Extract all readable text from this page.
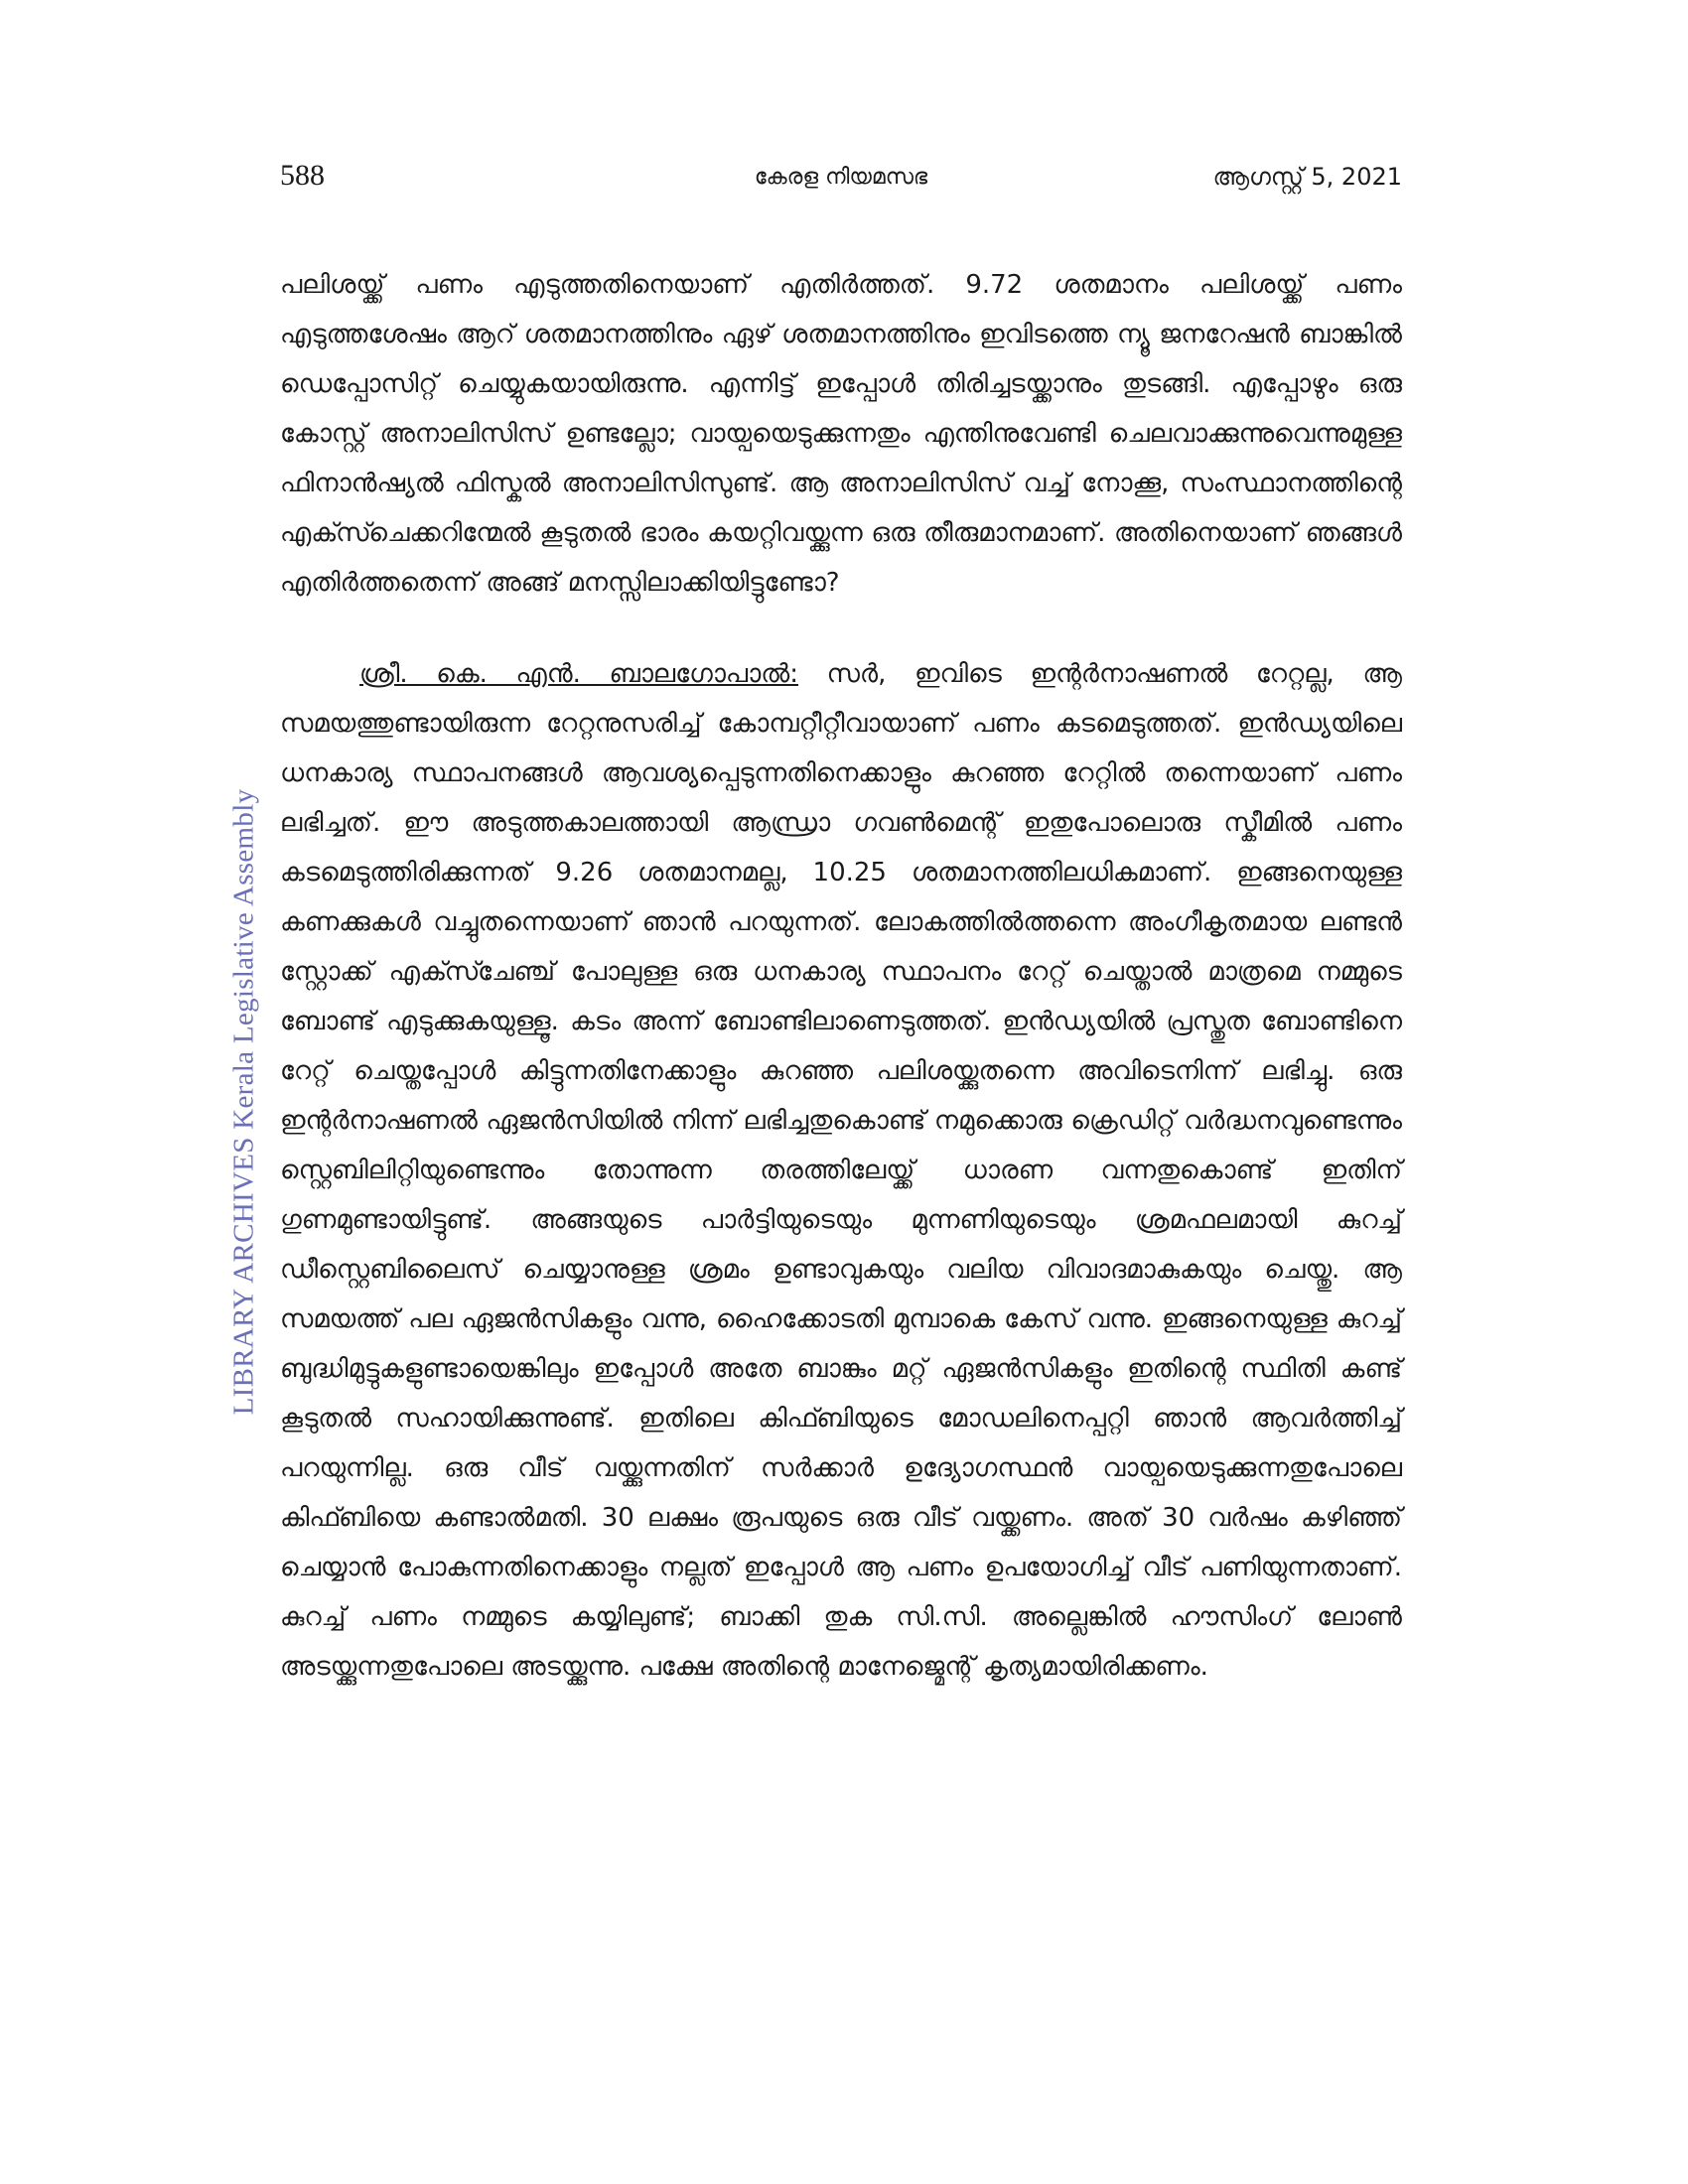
588	കേരള നിയമസഭ	ആഗസ്റ്റ് 5, 2021
LIBRARY ARCHIVES Kerala Legislative Assembly

പലിശയ്ക്ക് പണം എടുത്തതിനെയാണ് എതിർത്തത്. 9.72 ശതമാനം പലിശയ്ക്ക് പണം എടുത്തശേഷം ആറ് ശതമാനത്തിനും ഏഴ് ശതമാനത്തിനും ഇവിടത്തെ ന്യൂ ജനറേഷൻ ബാങ്കിൽ ഡെപ്പോസിറ്റ് ചെയ്യുകയായിരുന്നു. എന്നിട്ട് ഇപ്പോൾ തിരിച്ചടയ്ക്കാനും തുടങ്ങി. എപ്പോഴും ഒരു കോസ്റ്റ് അനാലിസിസ് ഉണ്ടല്ലോ; വായ്പയെടുക്കുന്നതും എന്തിനുവേണ്ടി ചെലവാക്കുന്നുവെന്നുമുള്ള ഫിനാൻഷ്യൽ ഫിസ്കൽ അനാലിസിസുണ്ട്. ആ അനാലിസിസ് വച്ച് നോക്കൂ, സംസ്ഥാനത്തിന്റെ എക്സ്ചെക്കറിന്മേൽ കൂടുതൽ ഭാരം കയറ്റിവയ്ക്കുന്ന ഒരു തീരുമാനമാണ്. അതിനെയാണ് ഞങ്ങൾ എതിർത്തതെന്ന് അങ്ങ് മനസ്സിലാക്കിയിട്ടുണ്ടോ?

ശ്രീ. കെ. എൻ. ബാലഗോപാൽ: സർ, ഇവിടെ ഇന്റർനാഷണൽ റേറ്റല്ല, ആ സമയത്തുണ്ടായിരുന്ന റേറ്റനുസരിച്ച് കോമ്പറ്റീറ്റീവായാണ് പണം കടമെടുത്തത്. ഇൻഡ്യയിലെ ധനകാര്യ സ്ഥാപനങ്ങൾ ആവശ്യപ്പെടുന്നതിനെക്കാളും കുറഞ്ഞ റേറ്റിൽ തന്നെയാണ് പണം ലഭിച്ചത്. ഈ അടുത്തകാലത്തായി ആന്ധ്രാ ഗവൺമെന്റ് ഇതുപോലൊരു സ്കീമിൽ പണം കടമെടുത്തിരിക്കുന്നത് 9.26 ശതമാനമല്ല, 10.25 ശതമാനത്തിലധികമാണ്. ഇങ്ങനെയുള്ള കണക്കുകൾ വച്ചുതന്നെയാണ് ഞാൻ പറയുന്നത്. ലോകത്തിൽത്തന്നെ അംഗീകൃതമായ ലണ്ടൻ സ്റ്റോക്ക് എക്സ്ചേഞ്ച് പോലുള്ള ഒരു ധനകാര്യ സ്ഥാപനം റേറ്റ് ചെയ്താൽ മാത്രമെ നമ്മുടെ ബോണ്ട് എടുക്കുകയുള്ളൂ. കടം അന്ന് ബോണ്ടിലാണെടുത്തത്. ഇൻഡ്യയിൽ പ്രസ്തുത ബോണ്ടിനെ റേറ്റ് ചെയ്തപ്പോൾ കിട്ടുന്നതിനേക്കാളും കുറഞ്ഞ പലിശയ്ക്കുതന്നെ അവിടെനിന്ന് ലഭിച്ചു. ഒരു ഇന്റർനാഷണൽ ഏജൻസിയിൽ നിന്ന് ലഭിച്ചതുകൊണ്ട് നമുക്കൊരു ക്രെഡിറ്റ് വർദ്ധനവുണ്ടെന്നും സ്റ്റെബിലിറ്റിയുണ്ടെന്നും തോന്നുന്ന തരത്തിലേയ്ക്ക് ധാരണ വന്നതുകൊണ്ട് ഇതിന് ഗുണമുണ്ടായിട്ടുണ്ട്. അങ്ങയുടെ പാർട്ടിയുടെയും മുന്നണിയുടെയും ശ്രമഫലമായി കുറച്ച് ഡീസ്റ്റെബിലൈസ് ചെയ്യാനുള്ള ശ്രമം ഉണ്ടാവുകയും വലിയ വിവാദമാകുകയും ചെയ്തു. ആ സമയത്ത് പല ഏജൻസികളും വന്നു, ഹൈക്കോടതി മുമ്പാകെ കേസ് വന്നു. ഇങ്ങനെയുള്ള കുറച്ച് ബുദ്ധിമുട്ടുകളുണ്ടായെങ്കിലും ഇപ്പോൾ അതേ ബാങ്കും മറ്റ് ഏജൻസികളും ഇതിന്റെ സ്ഥിതി കണ്ട് കൂടുതൽ സഹായിക്കുന്നുണ്ട്. ഇതിലെ കിഫ്ബിയുടെ മോഡലിനെപ്പറ്റി ഞാൻ ആവർത്തിച്ച് പറയുന്നില്ല. ഒരു വീട് വയ്ക്കുന്നതിന് സർക്കാർ ഉദ്യോഗസ്ഥൻ വായ്പയെടുക്കുന്നതുപോലെ കിഫ്ബിയെ കണ്ടാൽമതി. 30 ലക്ഷം രൂപയുടെ ഒരു വീട് വയ്ക്കണം. അത് 30 വർഷം കഴിഞ്ഞ് ചെയ്യാൻ പോകുന്നതിനെക്കാളും നല്ലത് ഇപ്പോൾ ആ പണം ഉപയോഗിച്ച് വീട് പണിയുന്നതാണ്. കുറച്ച് പണം നമ്മുടെ കയ്യിലുണ്ട്; ബാക്കി തുക സി.സി. അല്ലെങ്കിൽ ഹൗസിംഗ് ലോൺ അടയ്ക്കുന്നതുപോലെ അടയ്ക്കുന്നു. പക്ഷേ അതിന്റെ മാനേജ്മെന്റ് കൃത്യമായിരിക്കണം.
